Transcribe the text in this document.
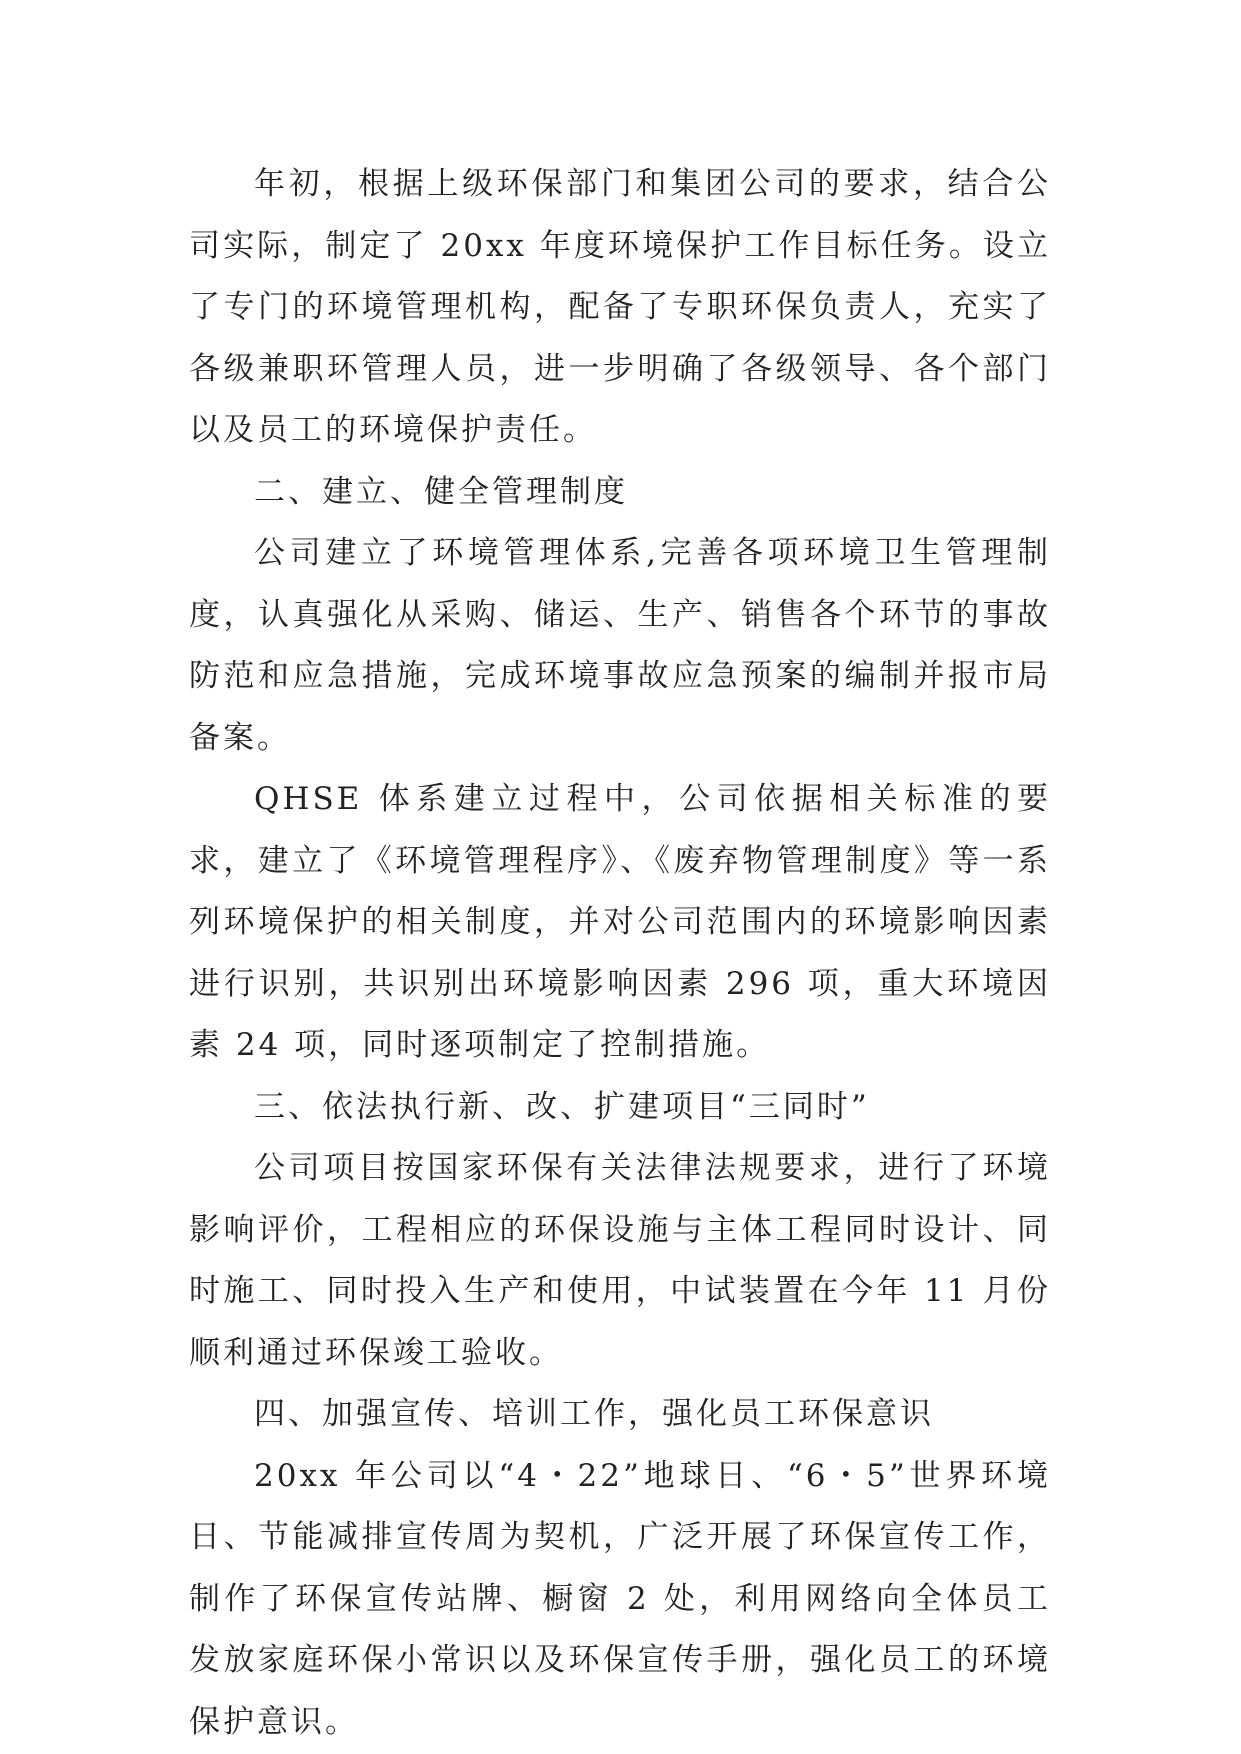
年初，根据上级环保部门和集团公司的要求，结合公司实际，制定了 20xx 年度环境保护工作目标任务。设立了专门的环境管理机构，配备了专职环保负责人，充实了各级兼职环管理人员，进一步明确了各级领导、各个部门以及员工的环境保护责任。

二、建立、健全管理制度

公司建立了环境管理体系,完善各项环境卫生管理制度，认真强化从采购、储运、生产、销售各个环节的事故防范和应急措施，完成环境事故应急预案的编制并报市局备案。

QHSE 体系建立过程中，公司依据相关标准的要求，建立了《环境管理程序》、《废弃物管理制度》等一系列环境保护的相关制度，并对公司范围内的环境影响因素进行识别，共识别出环境影响因素 296 项，重大环境因素 24 项，同时逐项制定了控制措施。

三、依法执行新、改、扩建项目“三同时”

公司项目按国家环保有关法律法规要求，进行了环境影响评价，工程相应的环保设施与主体工程同时设计、同时施工、同时投入生产和使用，中试装置在今年 11 月份顺利通过环保竣工验收。

四、加强宣传、培训工作，强化员工环保意识

20xx 年公司以“4・22”地球日、“6・5”世界环境日、节能减排宣传周为契机，广泛开展了环保宣传工作，制作了环保宣传站牌、橱窗 2 处，利用网络向全体员工发放家庭环保小常识以及环保宣传手册，强化员工的环境保护意识。
